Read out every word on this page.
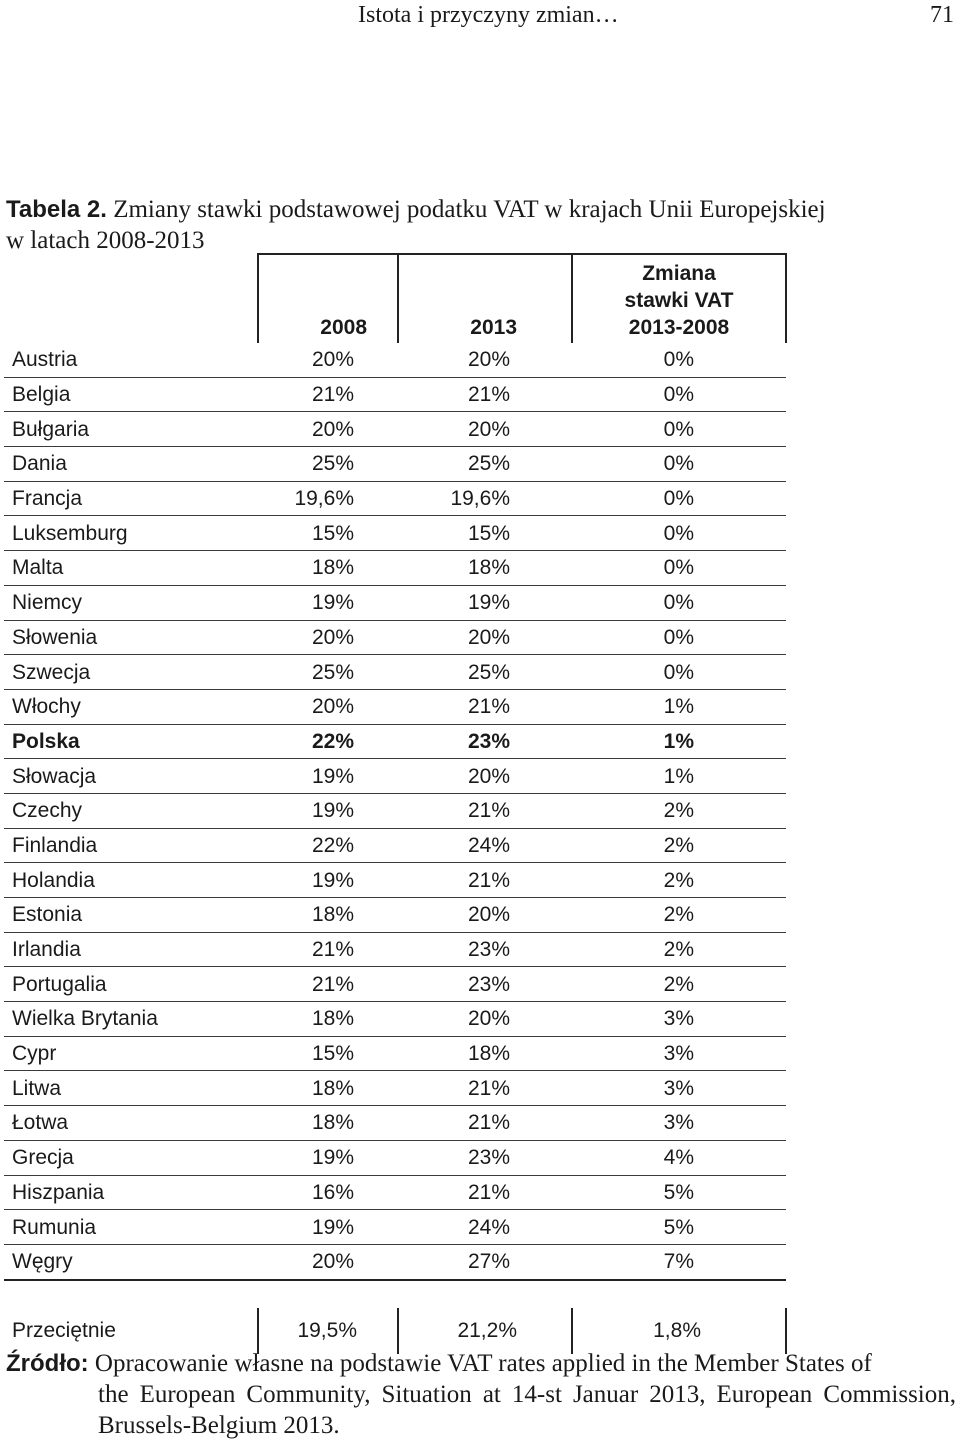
Istota i przyczyny zmian…	71
Tabela 2. Zmiany stawki podstawowej podatku VAT w krajach Unii Europejskiej
w latach 2008-2013
	2008	2013	Zmiana
stawki VAT
2013-2008
Austria	20%	20%	0%
Belgia	21%	21%	0%
Bułgaria	20%	20%	0%
Dania	25%	25%	0%
Francja	19,6%	19,6%	0%
Luksemburg	15%	15%	0%
Malta	18%	18%	0%
Niemcy	19%	19%	0%
Słowenia	20%	20%	0%
Szwecja	25%	25%	0%
Włochy	20%	21%	1%
Polska	22%	23%	1%
Słowacja	19%	20%	1%
Czechy	19%	21%	2%
Finlandia	22%	24%	2%
Holandia	19%	21%	2%
Estonia	18%	20%	2%
Irlandia	21%	23%	2%
Portugalia	21%	23%	2%
Wielka Brytania	18%	20%	3%
Cypr	15%	18%	3%
Litwa	18%	21%	3%
Łotwa	18%	21%	3%
Grecja	19%	23%	4%
Hiszpania	16%	21%	5%
Rumunia	19%	24%	5%
Węgry	20%	27%	7%
Przeciętnie	19,5%	21,2%	1,8%
Źródło: Opracowanie własne na podstawie VAT rates applied in the Member States of
the European Community, Situation at 14-st Januar 2013, European Commission, Brussels-Belgium 2013.
